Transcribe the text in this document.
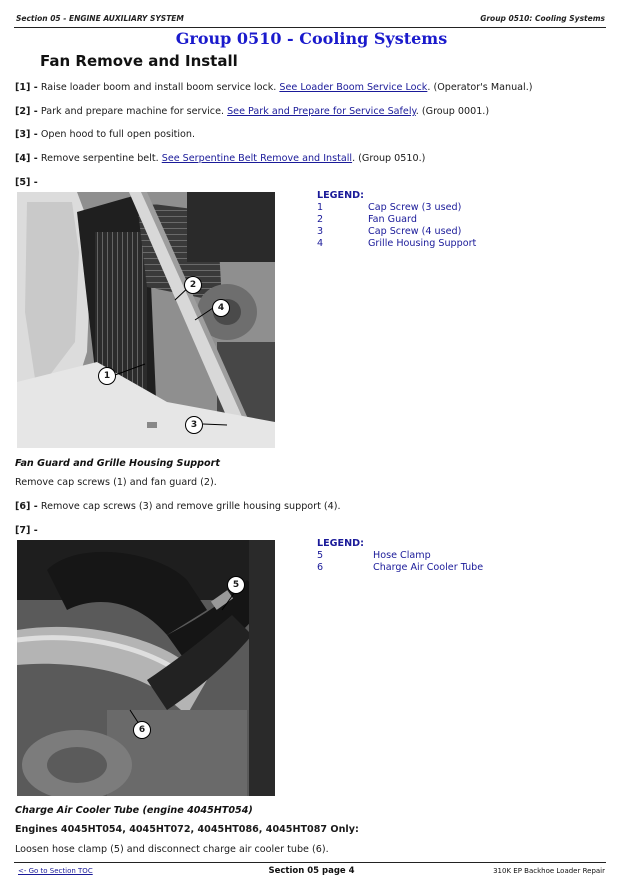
Section 05 - ENGINE AUXILIARY SYSTEM	Group 0510: Cooling Systems
Group 0510 - Cooling Systems
Fan Remove and Install
[1] - Raise loader boom and install boom service lock. See Loader Boom Service Lock. (Operator's Manual.)
[2] - Park and prepare machine for service. See Park and Prepare for Service Safely. (Group 0001.)
[3] - Open hood to full open position.
[4] - Remove serpentine belt. See Serpentine Belt Remove and Install. (Group 0510.)
[5] -
1
2
3
4
LEGEND:
1	Cap Screw (3 used)
2	Fan Guard
3	Cap Screw (4 used)
4	Grille Housing Support
Fan Guard and Grille Housing Support
Remove cap screws (1) and fan guard (2).
[6] - Remove cap screws (3) and remove grille housing support (4).
[7] -
5
6
LEGEND:
5	Hose Clamp
6	Charge Air Cooler Tube
Charge Air Cooler Tube (engine 4045HT054)
Engines 4045HT054, 4045HT072, 4045HT086, 4045HT087 Only:
Loosen hose clamp (5) and disconnect charge air cooler tube (6).
<- Go to Section TOC	Section 05 page 4	310K EP Backhoe Loader Repair
